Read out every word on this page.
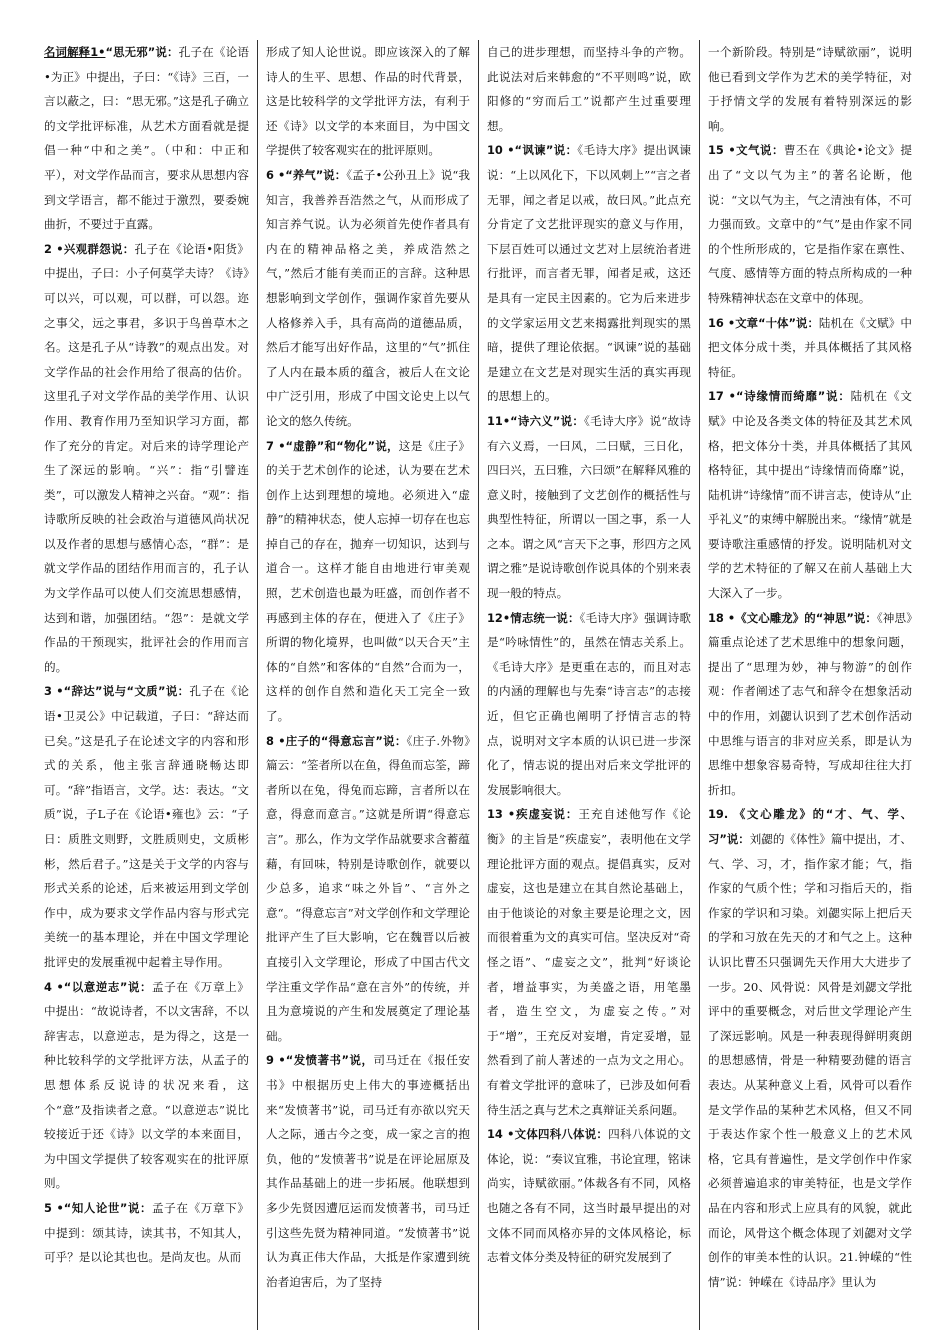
名词解释1•“思无邪”说：孔子在《论语•为正》中提出，子曰：“《诗》三百，一言以蔽之，曰：“思无邪。”这是孔子确立的文学批评标准，从艺术方面看就是提倡一种“中和之美”。（中和：中正和平），对文学作品而言，要求从思想内容到文学语言，都不能过于激烈，要委婉曲折，不要过于直露。

2 •兴观群怨说：孔子在《论语•阳货》中提出，子曰：小子何莫学夫诗？《诗》可以兴，可以观，可以群，可以怨。迩之事父，远之事君，多识于鸟兽草木之名。这是孔子从“诗教”的观点出发。对文学作品的社会作用给了很高的估价。这里孔子对文学作品的美学作用、认识作用、教育作用乃至知识学习方面，都作了充分的肯定。对后来的诗学理论产生了深远的影响。“兴”：指“引譬连类”，可以激发人精神之兴奋。“观”：指诗歌所反映的社会政治与道德风尚状况以及作者的思想与感情心态，“群”：是就文学作品的团结作用而言的，孔子认为文学作品可以使人们交流思想感情，达到和谐，加强团结。“怨”：是就文学作品的干预现实，批评社会的作用而言的。

3 •“辞达”说与“文质”说：孔子在《论语•卫灵公》中记载道，子曰：“辞达而已矣。”这是孔子在论述文字的内容和形式的关系，他主张言辞通晓畅达即可。“辞”指语言，文学。达：表达。“文质”说，子L子在《论语•雍也》云：“子日：质胜文则野，文胜质则史，文质彬彬，然后君子。”这是关于文学的内容与形式关系的论述，后来被运用到文学创作中，成为要求文学作品内容与形式完美统一的基本理论，并在中国文学理论批评史的发展重视中起着主导作用。

4 •“以意逆志”说：孟子在《万章上》中提出：“故说诗者，不以文害辞，不以辞害志，以意逆志，是为得之，这是一种比较科学的文学批评方法，从孟子的思想体系反说诗的状况来看，这个“意”及指读者之意。“以意逆志”说比较接近于还《诗》以文学的本来面目，为中国文学提供了较客观实在的批评原则。

5 •“知人论世”说：孟子在《万章下》中提到：颂其诗，读其书，不知其人，可乎？是以论其也也。是尚友也。从而

形成了知人论世说。即应该深入的了解诗人的生平、思想、作品的时代背景，这是比较科学的文学批评方法，有利于还《诗》以文学的本来面目，为中国文学提供了较客观实在的批评原则。

6 •“养气”说：《孟子•公孙丑上》说“我知言，我善养吾浩然之气，从而形成了知言养气说。认为必须首先使作者具有内在的精神品格之美，养成浩然之气，”然后才能有美而正的言辞。这种思想影响到文学创作，强调作家首先要从人格修养入手，具有高尚的道德品质，然后才能写出好作品，这里的“气”抓住了人内在最本质的蕴含，被后人在文论中广泛引用，形成了中国文论史上以气论文的悠久传统。

7 •“虚静”和“物化”说，这是《庄子》的关于艺术创作的论述，认为要在艺术创作上达到理想的境地。必须进入“虚静”的精神状态，使人忘掉一切存在也忘掉自己的存在，抛弃一切知识，达到与道合一。这样才能自由地进行审美观照，艺术创造也最为旺盛，而创作者不再感到主体的存在，便进入了《庄子》所谓的物化境界，也叫做“以天合天”主体的“自然”和客体的“自然”合而为一，这样的创作自然和造化天工完全一致了。

8 •庄子的“得意忘言”说：《庄子.外物》篇云：“筌者所以在鱼，得鱼而忘筌，蹄者所以在兔，得兔而忘蹄，言者所以在意，得意而意言。”这就是所谓“得意忘言”。那么，作为文学作品就要求含蓄蕴藉，有回味，特别是诗歌创作，就要以少总多，追求“味之外旨”、“言外之意“。“得意忘言”对文学创作和文学理论批评产生了巨大影响，它在魏晋以后被直接引入文学理论，形成了中国古代文学注重文学作品“意在言外”的传统，并且为意境说的产生和发展奠定了理论基础。

9 •“发愤著书”说，司马迁在《报任安书》中根据历史上伟大的事迹概括出来“发愤著书”说，司马迁有亦欲以究天人之际，通古今之变，成一家之言的抱负，他的“发愤著书”说是在评论屈原及其作品基础上的进一步拓展。他联想到多少先贤因遭厄运而发愤著书，司马迁引这些先贤为精神同道。“发愤著书”说认为真正伟大作品，大抵是作家遭到统治者迫害后，为了坚持

自己的进步理想，而坚持斗争的产物。此说法对后来韩愈的“不平则鸣”说，欧阳修的“穷而后工”说都产生过重要理想。

10 •“讽谏”说：《毛诗大序》提出讽谏说：“上以风化下，下以风刺上”“言之者无罪，闻之者足以戒，故曰风。”此点充分肯定了文艺批评现实的意义与作用，下层百姓可以通过文艺对上层统治者进行批评，而言者无罪，闻者足戒，这还是具有一定民主因素的。它为后来进步的文学家运用文艺来揭露批判现实的黑暗，提供了理论依据。“讽谏”说的基础是建立在文艺是对现实生活的真实再现的思想上的。

11•“诗六义”说：《毛诗大序》说“故诗有六义焉，一曰风，二曰赋，三日化，四曰兴，五曰雅，六曰颂”在解释风雅的意义时，接触到了文艺创作的概括性与典型性特征，所谓以一国之事，系一人之本。谓之风“言天下之事，形四方之风谓之雅”是说诗歌创作说具体的个别来表现一般的特点。

12•情志统一说：《毛诗大序》强调诗歌是“吟咏情性”的，虽然在情志关系上。《毛诗大序》是更重在志的，而且对志的内涵的理解也与先秦“诗言志”的志接近，但它正确也阐明了抒情言志的特点，说明对文字本质的认识已进一步深化了，情志说的提出对后来文学批评的发展影响很大。

13 •疾虚妄说：王充自述他写作《论衡》的主旨是“疾虚妄”，表明他在文学理论批评方面的观点。提倡真实，反对虚妄，这也是建立在其自然论基础上，由于他谈论的对象主要是论理之文，因而很着重为文的真实可信。坚决反对“奇怪之语”、“虚妄之文”，批判“好谈论者，增益事实，为美盛之语，用笔墨者，造生空文，为虚妄之传。”对于“增”，王充反对妄增，肯定妥增，显然看到了前人著述的一点为文之用心。有着文学批评的意味了，已涉及如何看待生活之真与艺术之真辩证关系问题。

14 •文体四科八体说：四科八体说的文体论，说：“奏议宜雅，书论宜理，铭诔尚实，诗赋欲丽。”体裁各有不同，风格也随之各有不同，这当时最早提出的对文体不同而风格亦异的文体风格论，标志着文体分类及特征的研究发展到了

一个新阶段。特别是“诗赋欲丽”，说明他已看到文学作为艺术的美学特征，对于抒情文学的发展有着特别深远的影响。

15 •文气说：曹丕在《典论•论文》提出了“文以气为主”的著名论断，他说：“文以气为主，气之清浊有体，不可力强而致。文章中的“气”是由作家不同的个性所形成的，它是指作家在禀性、气度、感情等方面的特点所构成的一种特殊精神状态在文章中的体现。

16 •文章“十体”说：陆机在《文赋》中把文体分成十类，并具体概括了其风格特征。

17 •“诗缘情而绮靡”说：陆机在《文赋》中论及各类文体的特征及其艺术风格，把文体分十类，并具体概括了其风格特征，其中提出“诗缘情而倚靡”说，陆机讲“诗缘情”而不讲言志，使诗从“止乎礼义”的束缚中解脱出来。“缘情”就是要诗歌注重感情的抒发。说明陆机对文学的艺术特征的了解又在前人基础上大大深入了一步。

18 •《文心雕龙》的“神思”说：《神思》篇重点论述了艺术思维中的想象问题，提出了“思理为妙，神与物游”的创作观：作者阐述了志气和辞令在想象活动中的作用，刘勰认识到了艺术创作活动中思维与语言的非对应关系，即是认为思维中想象容易奇特，写成却往往大打折扣。

19. 《文心雕龙》的“才、气、学、习”说：刘勰的《体性》篇中提出，才、气、学、习，才，指作家才能；气，指作家的气质个性；学和习指后天的，指作家的学识和习染。刘勰实际上把后天的学和习放在先天的才和气之上。这种认识比曹丕只强调先天作用大大进步了一步。20、风骨说：风骨是刘勰文学批评中的重要概念，对后世文学理论产生了深远影响。风是一种表现得鲜明爽朗的思想感情，骨是一种精要劲健的语言表达。从某种意义上看，风骨可以看作是文学作品的某种艺术风格，但又不同于表达作家个性一般意义上的艺术风格，它具有普遍性，是文学创作中作家必须普遍追求的审美特征，也是文学作品在内容和形式上应具有的风貌，就此而论，风骨这个概念体现了刘勰对文学创作的审美本性的认识。21.钟嵘的“性情”说：钟嵘在《诗品序》里认为
